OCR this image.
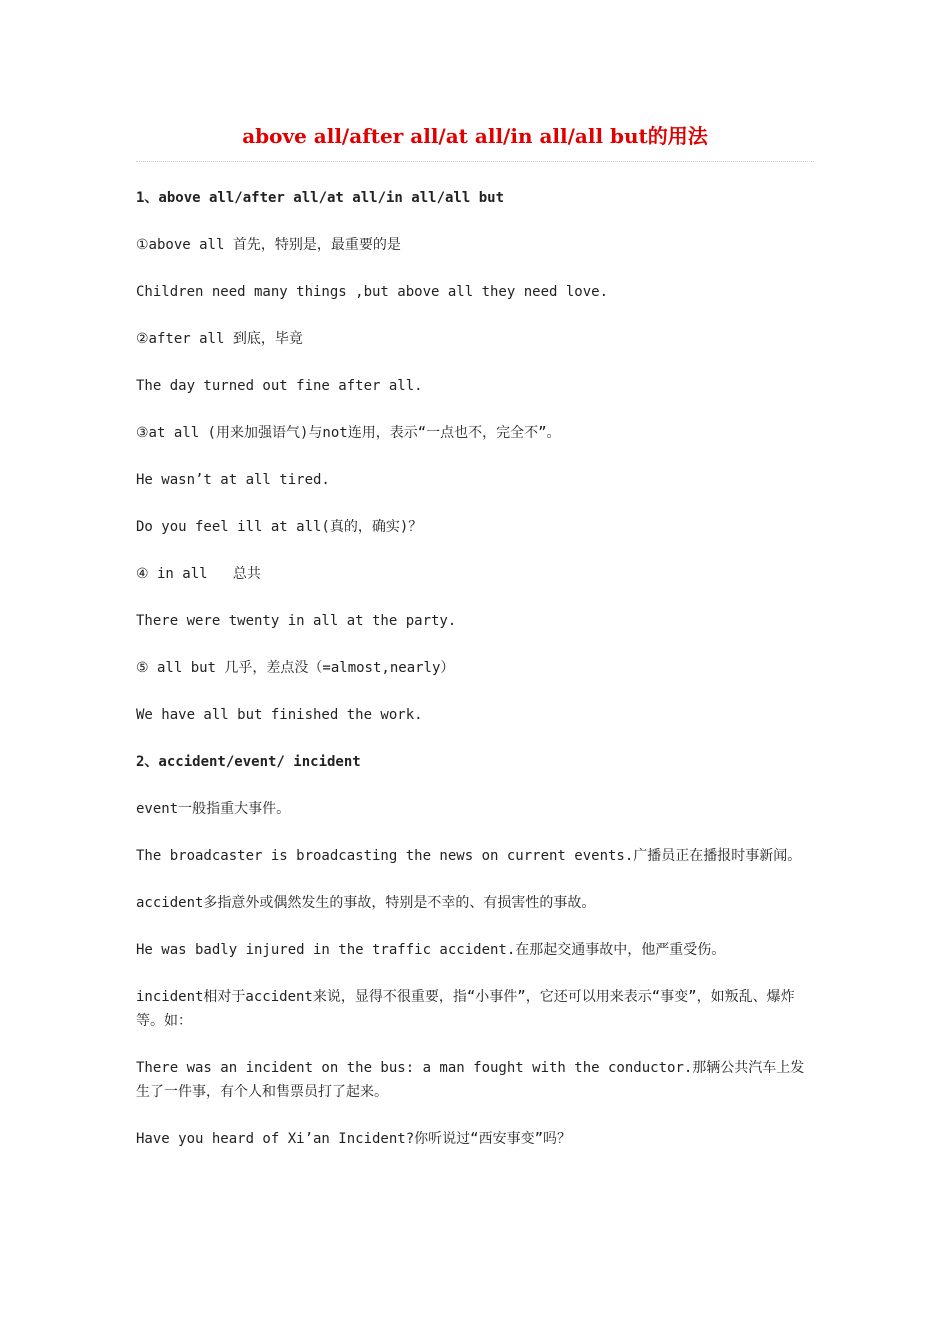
above all/after all/at all/in all/all but的用法

1、above all/after all/at all/in all/all but

①above all 首先，特别是，最重要的是

Children need many things ,but above all they need love.

②after all 到底，毕竟

The day turned out fine after all.

③at all (用来加强语气)与not连用，表示“一点也不，完全不”。

He wasn’t at all tired.

Do you feel ill at all(真的，确实)？

④ in all   总共

There were twenty in all at the party.

⑤ all but 几乎，差点没（=almost,nearly）

We have all but finished the work.

2、accident/event/ incident

event一般指重大事件。

The broadcaster is broadcasting the news on current events.广播员正在播报时事新闻。

accident多指意外或偶然发生的事故，特别是不幸的、有损害性的事故。

He was badly injured in the traffic accident.在那起交通事故中，他严重受伤。

incident相对于accident来说，显得不很重要，指“小事件”，它还可以用来表示“事变”，如叛乱、爆炸等。如：

There was an incident on the bus: a man fought with the conductor.那辆公共汽车上发生了一件事，有个人和售票员打了起来。

Have you heard of Xi’an Incident?你听说过“西安事变”吗？
